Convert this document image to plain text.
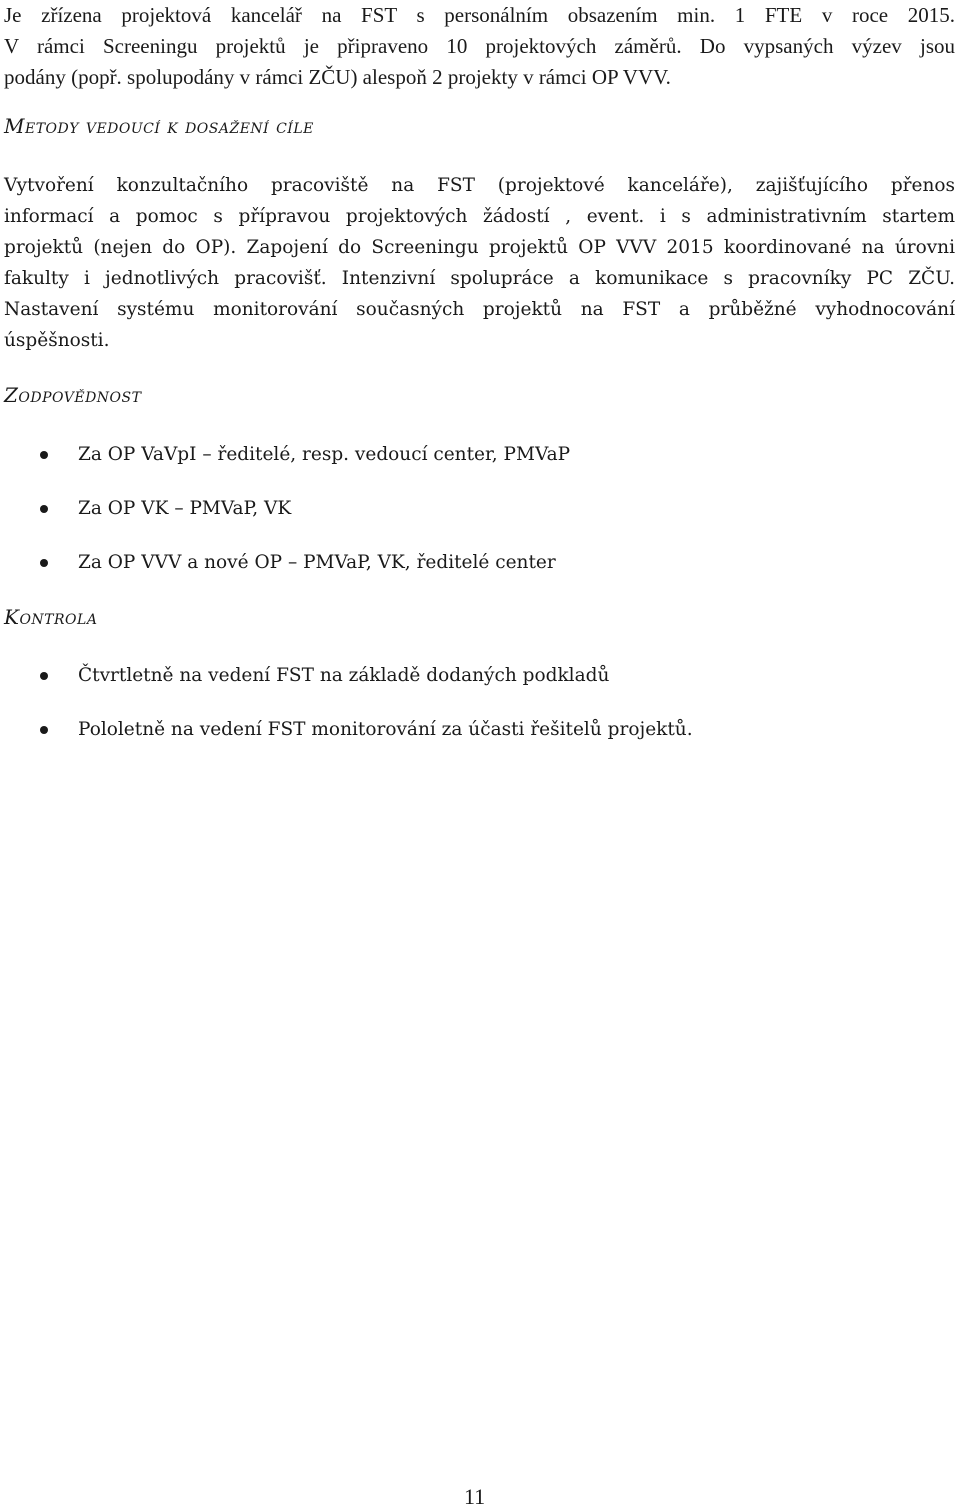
Je zřízena projektová kancelář na FST s personálním obsazením min. 1 FTE v roce 2015.
V rámci Screeningu projektů je připraveno 10 projektových záměrů. Do vypsaných výzev jsou
podány (popř. spolupodány v rámci ZČU) alespoň 2 projekty v rámci OP VVV.
Metody vedoucí k dosažení cíle
Vytvoření konzultačního pracoviště na FST (projektové kanceláře), zajišťujícího přenos
informací a pomoc s přípravou projektových žádostí , event. i s administrativním startem
projektů (nejen do OP). Zapojení do Screeningu projektů OP VVV 2015 koordinované na úrovni
fakulty i jednotlivých pracovišť. Intenzivní spolupráce a komunikace s pracovníky PC ZČU.
Nastavení systému monitorování současných projektů na FST a průběžné vyhodnocování
úspěšnosti.
Zodpovědnost
Za OP VaVpI – ředitelé, resp. vedoucí center, PMVaP
Za OP VK – PMVaP, VK
Za OP VVV a nové OP – PMVaP, VK, ředitelé center
Kontrola
Čtvrtletně na vedení FST na základě dodaných podkladů
Pololetně na vedení FST monitorování za účasti řešitelů projektů.
11
